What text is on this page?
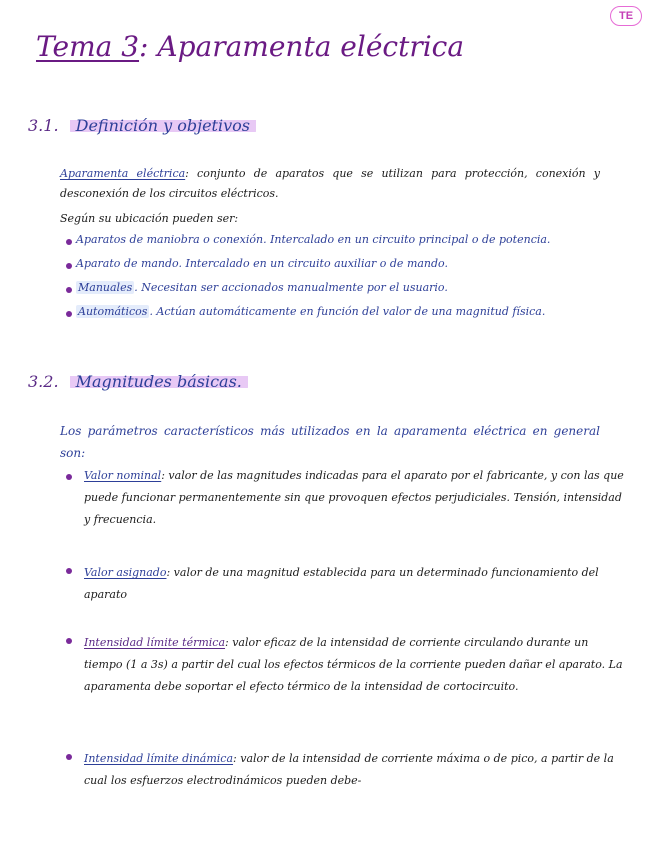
TE
Tema 3: Aparamenta eléctrica
3.1. Definición y objetivos
Aparamenta eléctrica: conjunto de aparatos que se utilizan para protección, conexión y desconexión de los circuitos eléctricos.
Según su ubicación pueden ser:
Aparatos de maniobra o conexión. Intercalado en un circuito principal o de potencia.
Aparato de mando. Intercalado en un circuito auxiliar o de mando.
Manuales . Necesitan ser accionados manualmente por el usuario.
Automáticos . Actúan automáticamente en función del valor de una magnitud física.
3.2. Magnitudes básicas.
Los parámetros característicos más utilizados en la aparamenta eléctrica en general son:
Valor nominal: valor de las magnitudes indicadas para el aparato por el fabricante, y con las que puede funcionar permanentemente sin que provoquen efectos perjudiciales. Tensión, intensidad y frecuencia.
Valor asignado: valor de una magnitud establecida para un determinado funcionamiento del aparato
Intensidad límite térmica: valor eficaz de la intensidad de corriente circulando durante un tiempo (1 a 3s) a partir del cual los efectos térmicos de la corriente pueden dañar el aparato. La aparamenta debe soportar el efecto térmico de la intensidad de cortocircuito.
Intensidad límite dinámica: valor de la intensidad de corriente máxima o de pico, a partir de la cual los esfuerzos electrodinámicos pueden debe-
